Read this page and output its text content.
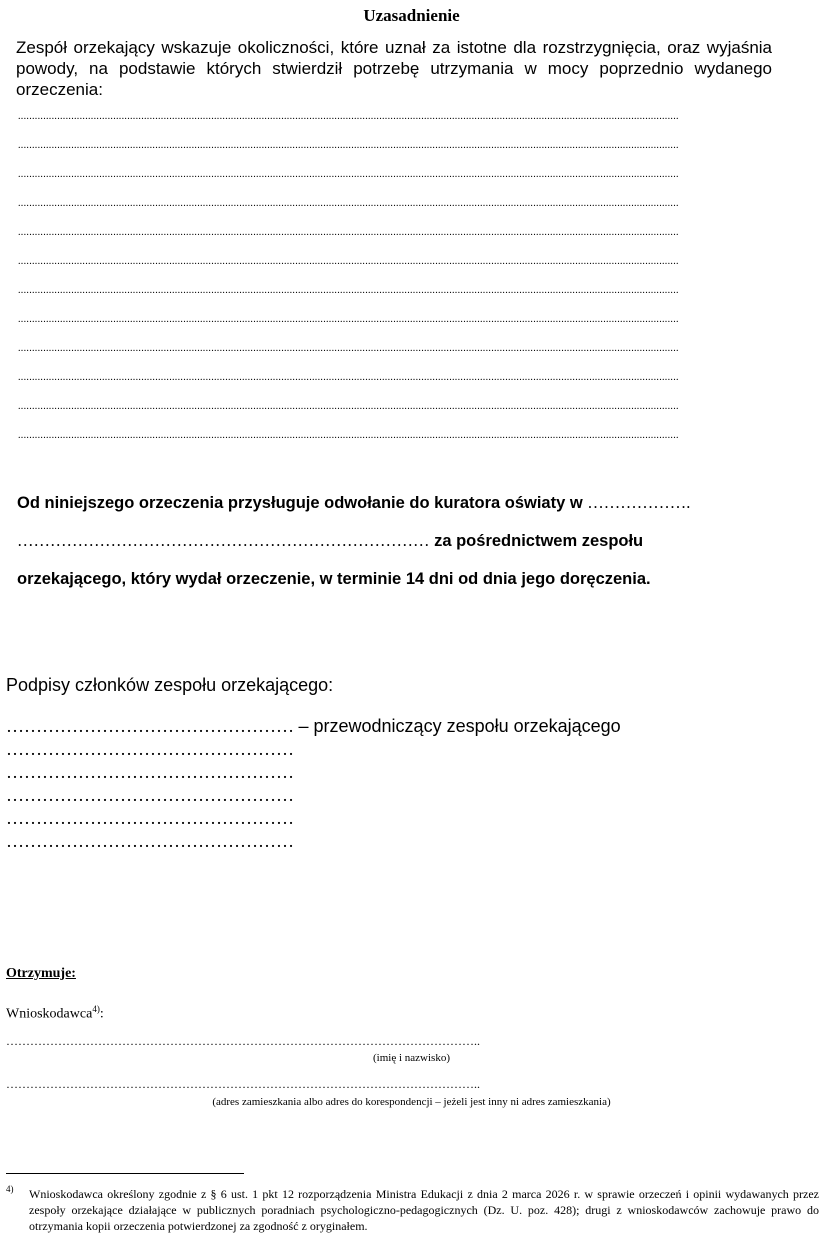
Uzasadnienie
Zespół orzekający wskazuje okoliczności, które uznał za istotne dla rozstrzygnięcia, oraz wyjaśnia powody, na podstawie których stwierdził potrzebę utrzymania w mocy poprzednio wydanego orzeczenia:
............................................................................................................................................................................................................................................
............................................................................................................................................................................................................................................
............................................................................................................................................................................................................................................
............................................................................................................................................................................................................................................
............................................................................................................................................................................................................................................
............................................................................................................................................................................................................................................
............................................................................................................................................................................................................................................
............................................................................................................................................................................................................................................
............................................................................................................................................................................................................................................
............................................................................................................................................................................................................................................
............................................................................................................................................................................................................................................
............................................................................................................................................................................................................................................
Od niniejszego orzeczenia przysługuje odwołanie do kuratora oświaty w ……………….
………………………………………………………………… za pośrednictwem zespołu
orzekającego, który wydał orzeczenie, w terminie 14 dni od dnia jego doręczenia.
Podpisy członków zespołu orzekającego:
………………………………………… – przewodniczący zespołu orzekającego
…………………………………………
…………………………………………
…………………………………………
…………………………………………
…………………………………………
Otrzymuje:
Wnioskodawca$^{4)}$:
………………………………………………………………………………………………………..
(imię i nazwisko)
………………………………………………………………………………………………………..
(adres zamieszkania albo adres do korespondencji – jeżeli jest inny ni adres zamieszkania)
4) Wnioskodawca określony zgodnie z § 6 ust. 1 pkt 12 rozporządzenia Ministra Edukacji z dnia 2 marca 2026 r. w sprawie orzeczeń i opinii wydawanych przez zespoły orzekające działające w publicznych poradniach psychologiczno-pedagogicznych (Dz. U. poz. 428); drugi z wnioskodawców zachowuje prawo do otrzymania kopii orzeczenia potwierdzonej za zgodność z oryginałem.
